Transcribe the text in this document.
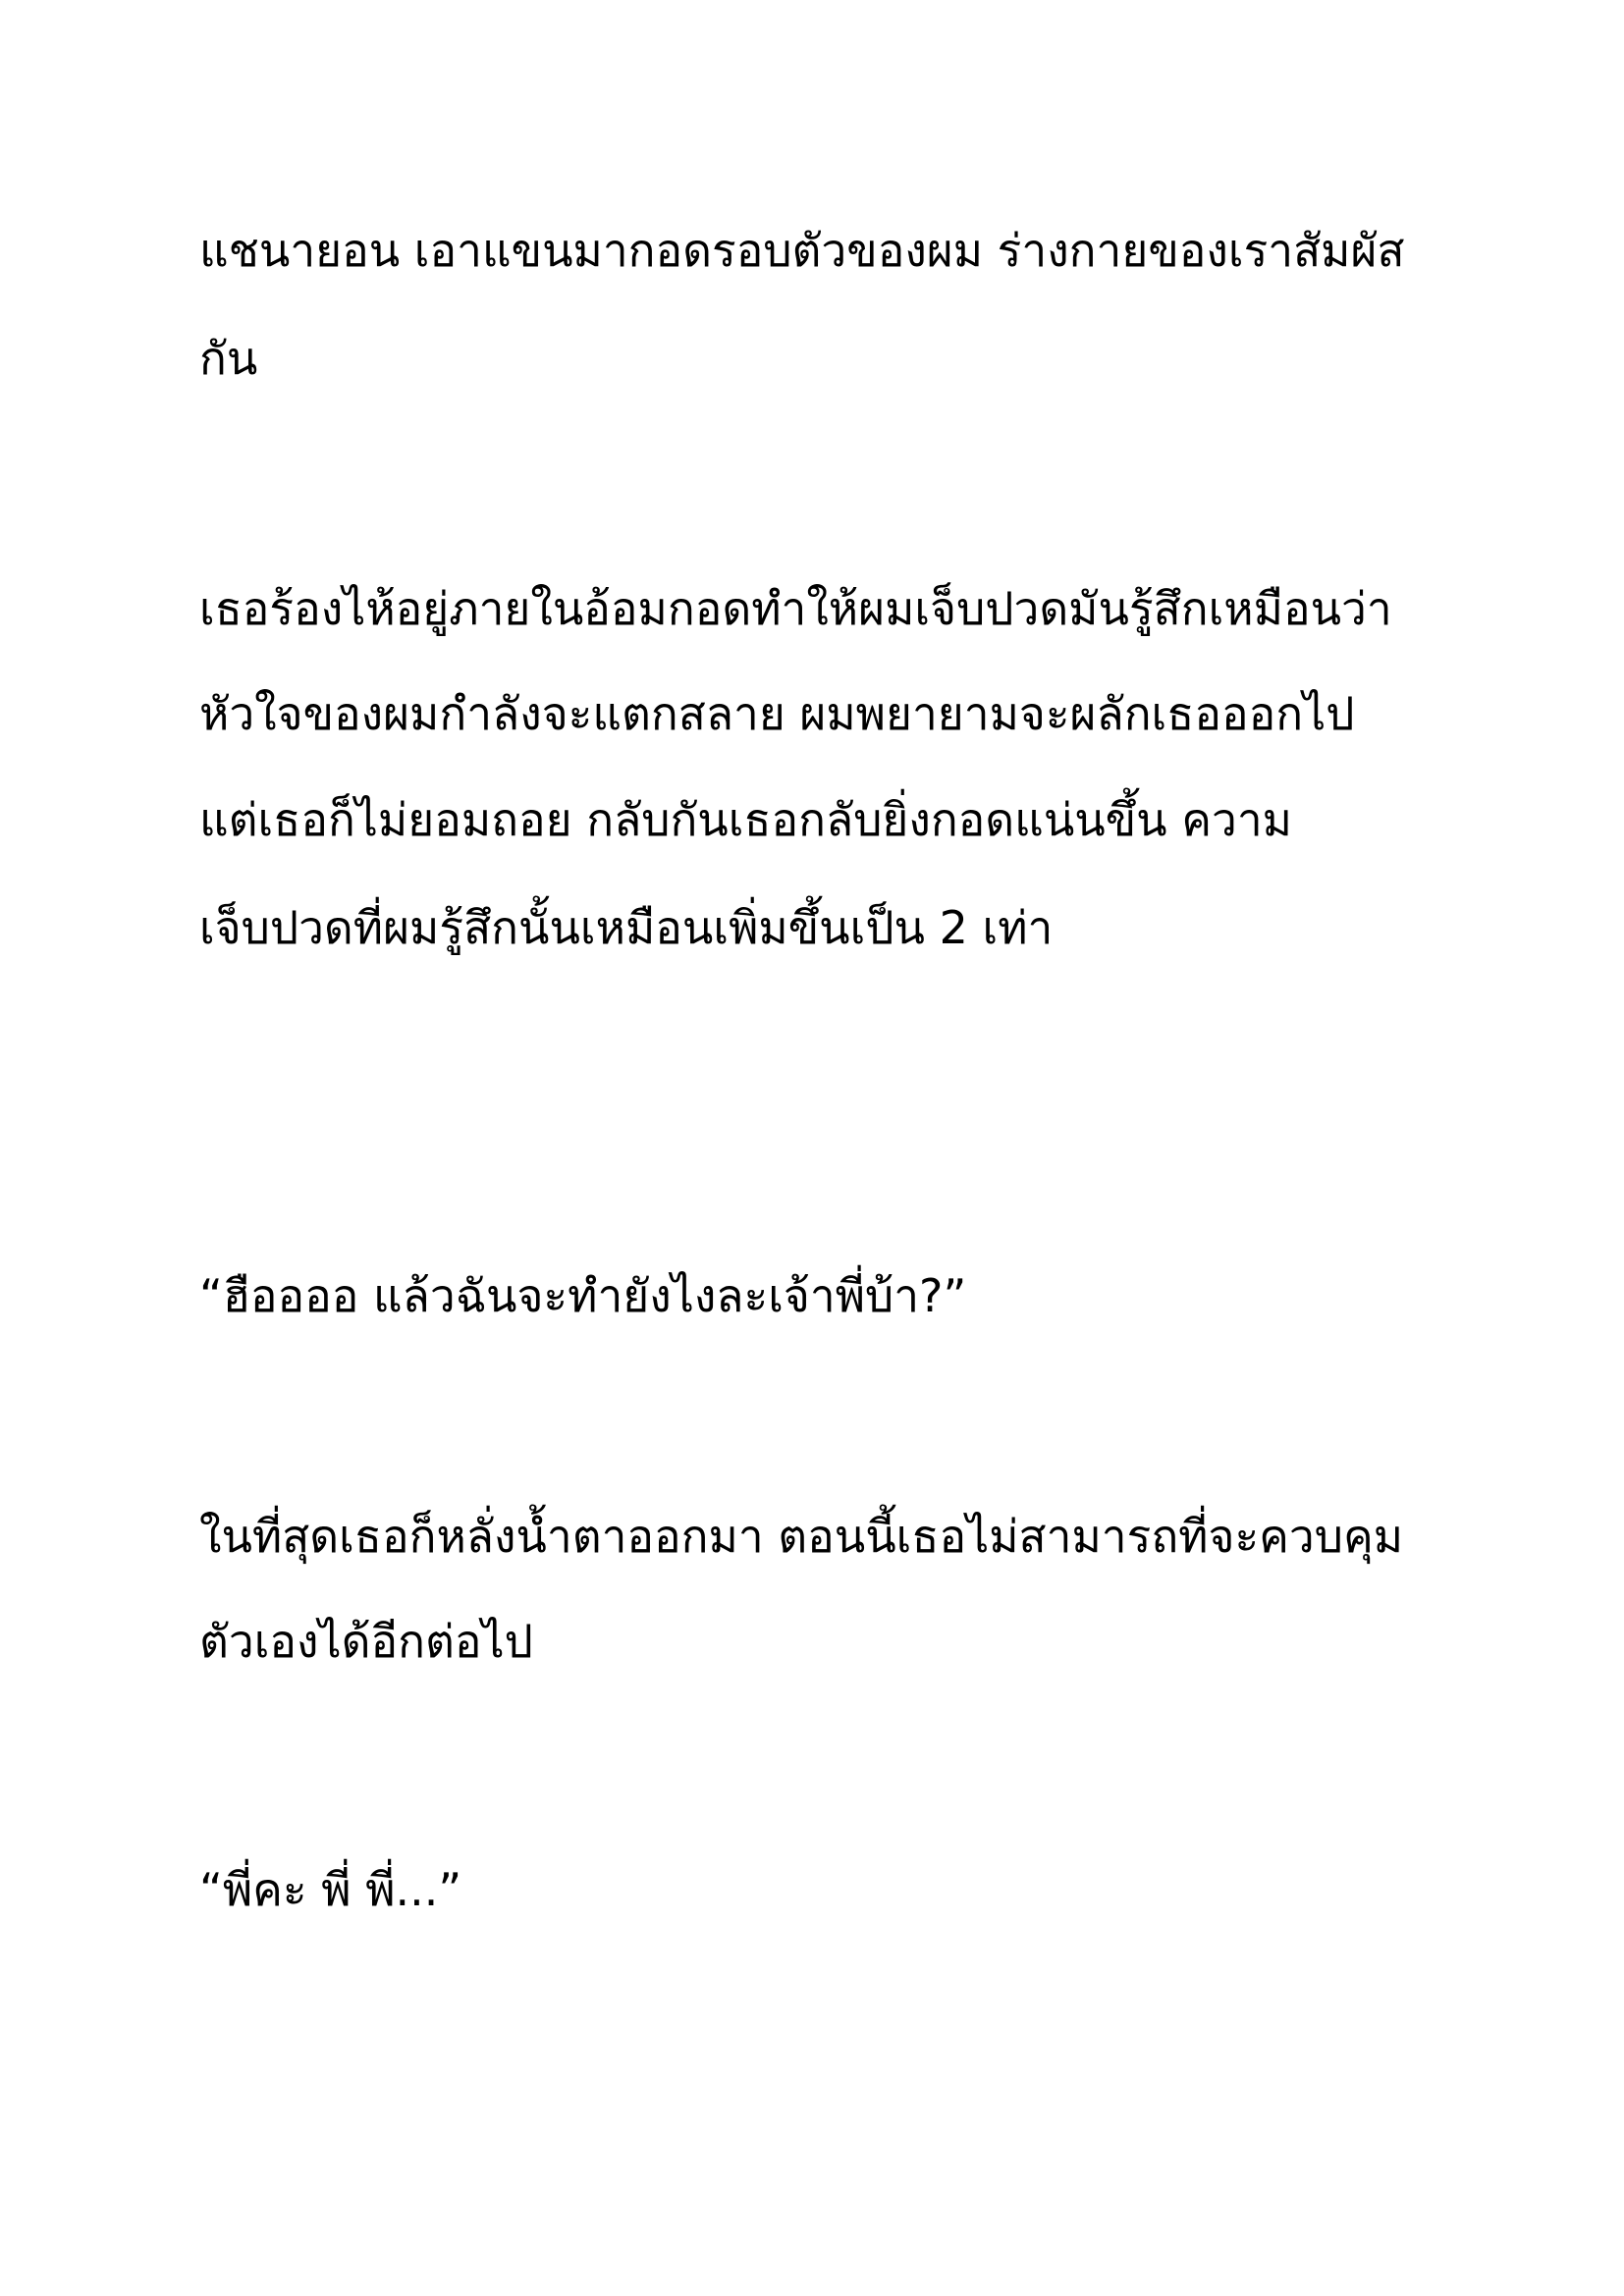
แชนายอน เอาแขนมากอดรอบตัวของผม ร่างกายของเราสัมผัส

กัน

เธอร้องไห้อยู่ภายในอ้อมกอดทำให้ผมเจ็บปวดมันรู้สึกเหมือนว่า

หัวใจของผมกำลังจะแตกสลาย ผมพยายามจะผลักเธอออกไป

แต่เธอก็ไม่ยอมถอย กลับกันเธอกลับยิ่งกอดแน่นขึ้น ความ

เจ็บปวดที่ผมรู้สึกนั้นเหมือนเพิ่มขึ้นเป็น 2 เท่า

“ฮืออออ แล้วฉันจะทำยังไงละเจ้าพี่บ้า?”

ในที่สุดเธอก็หลั่งน้ำตาออกมา ตอนนี้เธอไม่สามารถที่จะควบคุม

ตัวเองได้อีกต่อไป

“พี่คะ พี่ พี่...”
